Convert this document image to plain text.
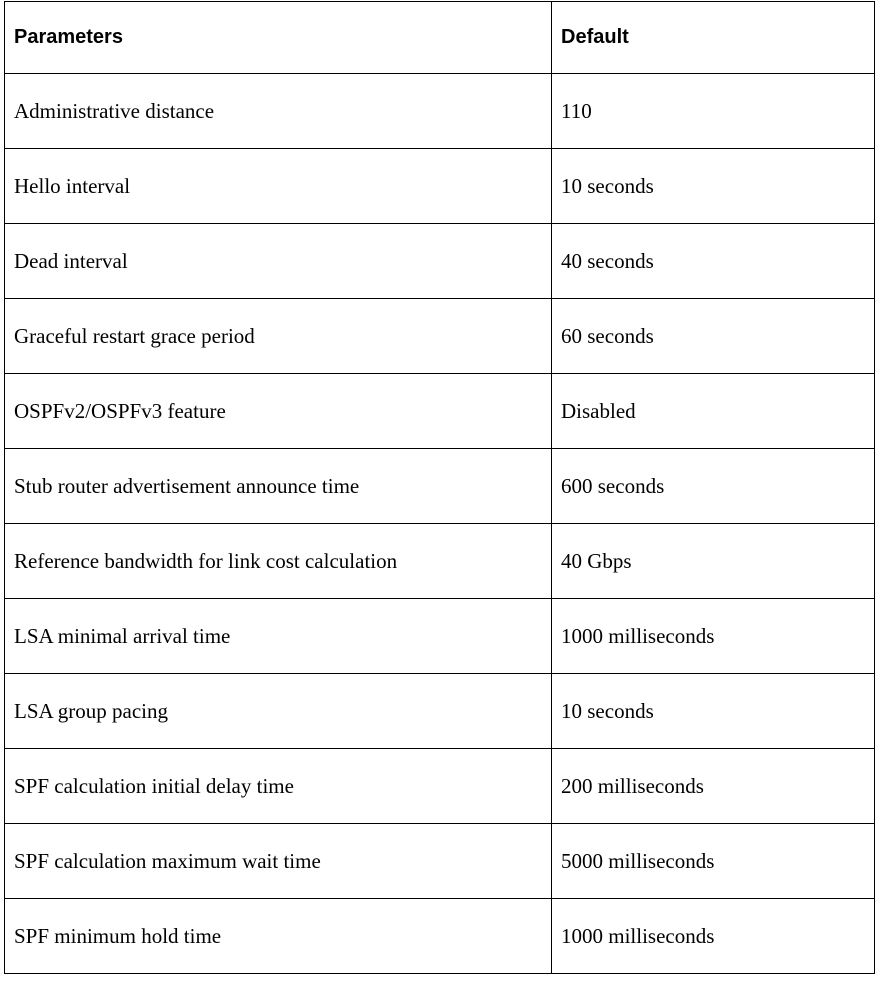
Parameters	Default
Administrative distance	110
Hello interval	10 seconds
Dead interval	40 seconds
Graceful restart grace period	60 seconds
OSPFv2/OSPFv3 feature	Disabled
Stub router advertisement announce time	600 seconds
Reference bandwidth for link cost calculation	40 Gbps
LSA minimal arrival time	1000 milliseconds
LSA group pacing	10 seconds
SPF calculation initial delay time	200 milliseconds
SPF calculation maximum wait time	5000 milliseconds
SPF minimum hold time	1000 milliseconds
